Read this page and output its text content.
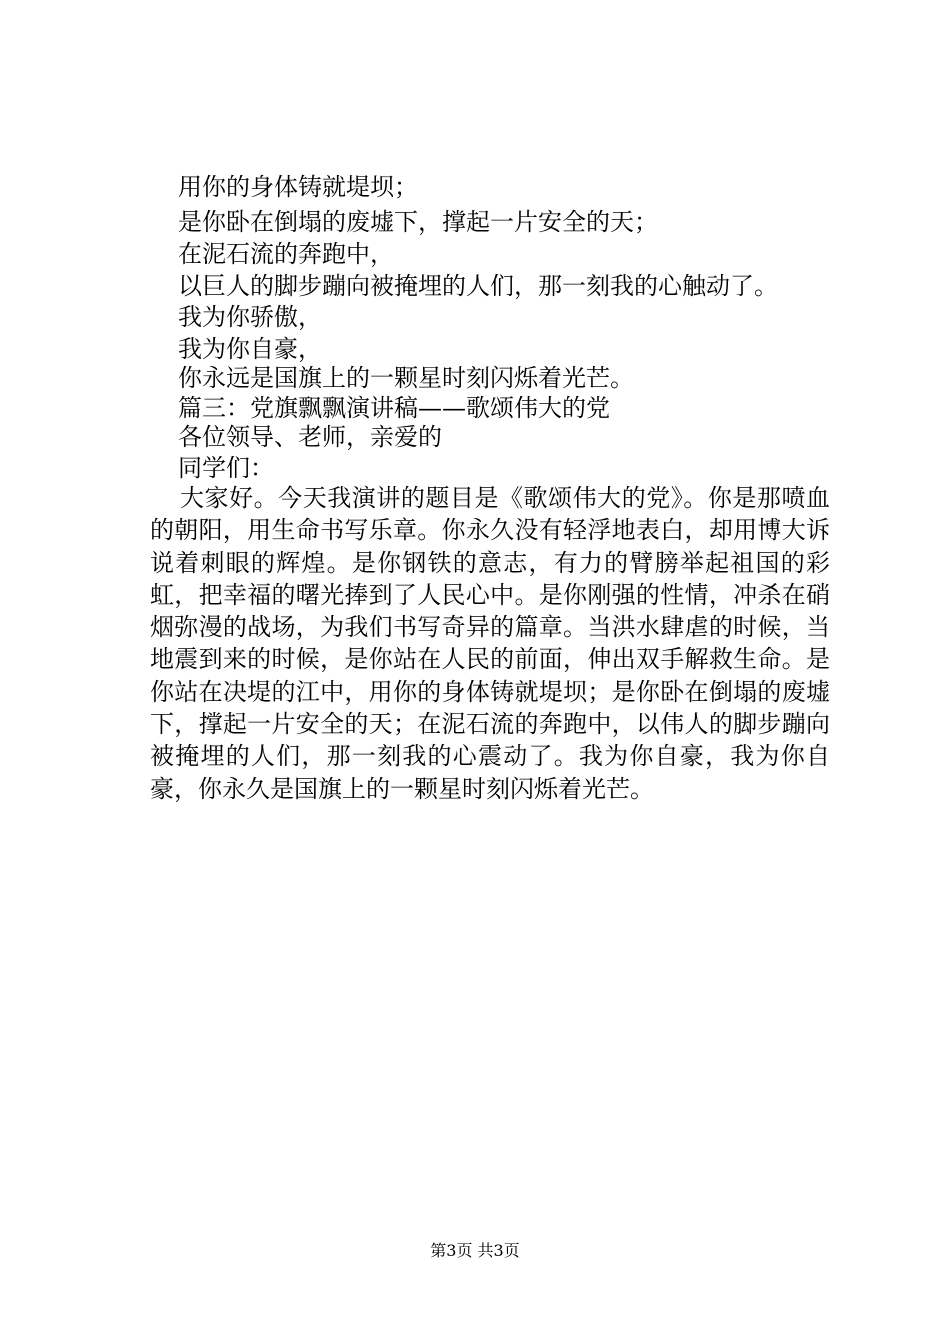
用你的身体铸就堤坝；
是你卧在倒塌的废墟下，撑起一片安全的天；
在泥石流的奔跑中，
以巨人的脚步蹦向被掩埋的人们，那一刻我的心触动了。
我为你骄傲，
我为你自豪，
你永远是国旗上的一颗星时刻闪烁着光芒。
篇三：党旗飘飘演讲稿——歌颂伟大的党
各位领导、老师，亲爱的
同学们：
大家好。今天我演讲的题目是《歌颂伟大的党》。你是那喷血的朝阳，用生命书写乐章。你永久没有轻浮地表白，却用博大诉说着刺眼的辉煌。是你钢铁的意志，有力的臂膀举起祖国的彩虹，把幸福的曙光捧到了人民心中。是你刚强的性情，冲杀在硝烟弥漫的战场，为我们书写奇异的篇章。当洪水肆虐的时候，当地震到来的时候，是你站在人民的前面，伸出双手解救生命。是你站在决堤的江中，用你的身体铸就堤坝；是你卧在倒塌的废墟下，撑起一片安全的天；在泥石流的奔跑中，以伟人的脚步蹦向被掩埋的人们，那一刻我的心震动了。我为你自豪，我为你自豪，你永久是国旗上的一颗星时刻闪烁着光芒。
第3页 共3页
